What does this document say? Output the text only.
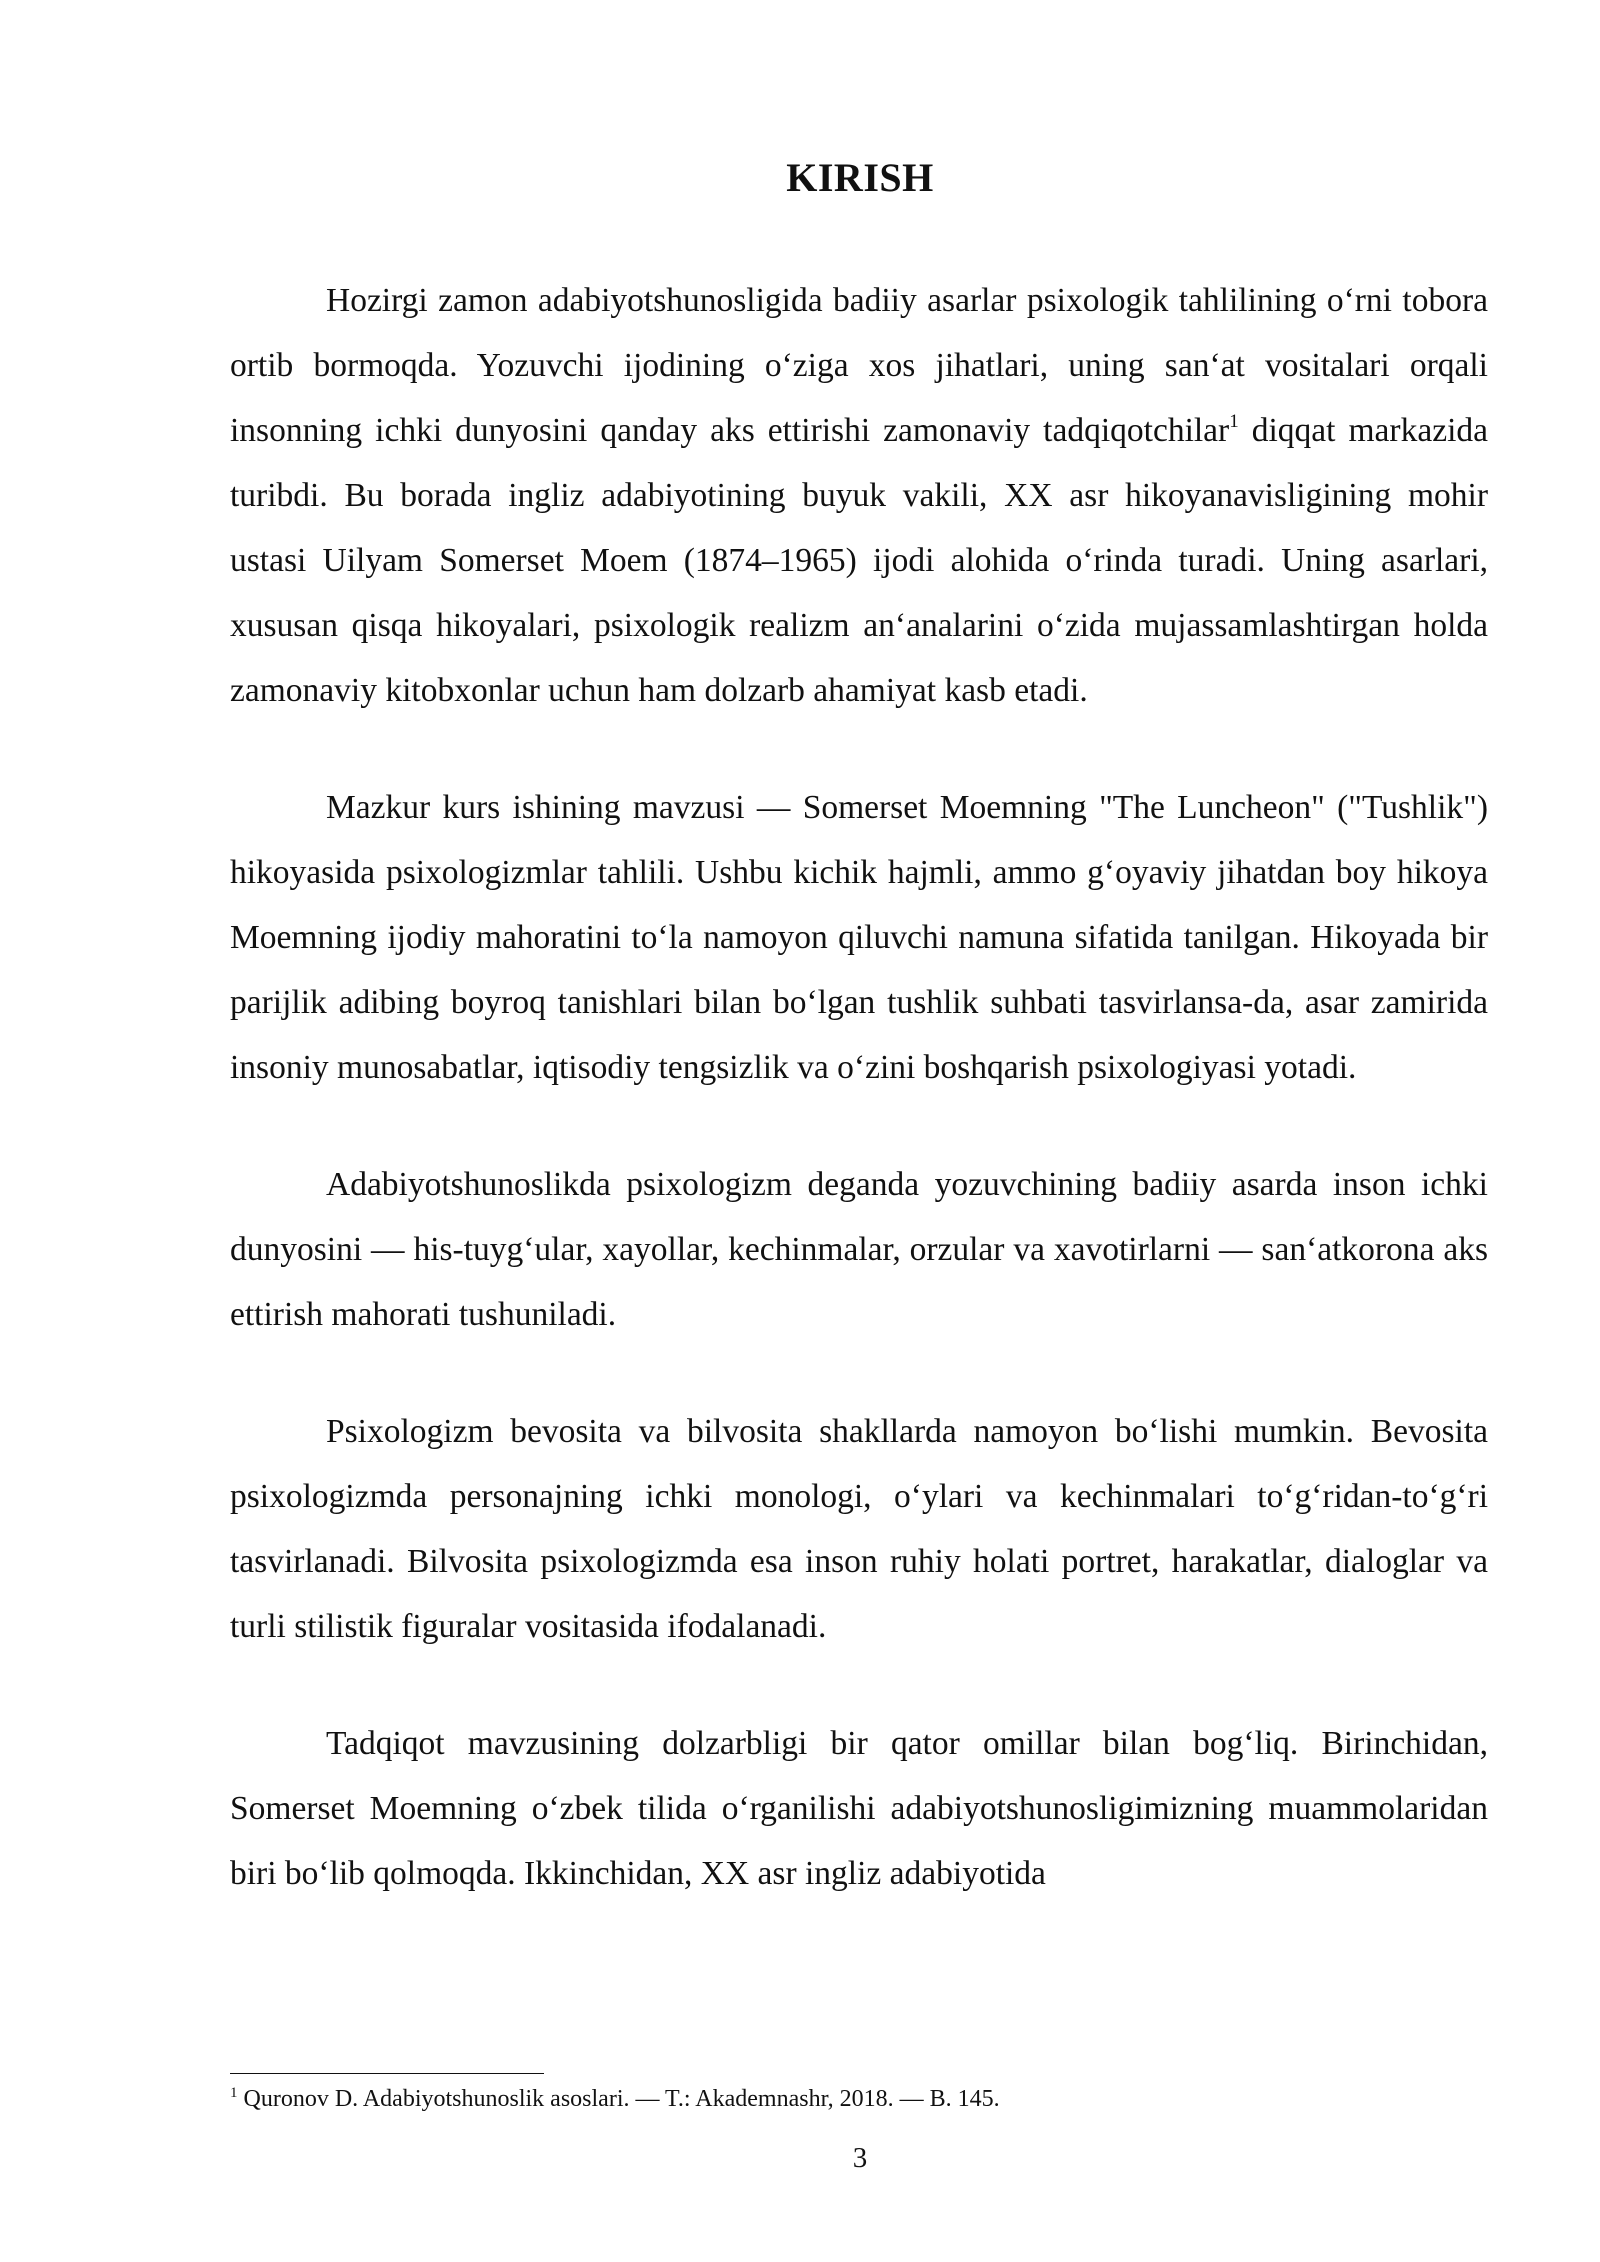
KIRISH

Hozirgi zamon adabiyotshunosligida badiiy asarlar psixologik tahlilining oʻrni tobora ortib bormoqda. Yozuvchi ijodining oʻziga xos jihatlari, uning sanʻat vositalari orqali insonning ichki dunyosini qanday aks ettirishi zamonaviy tadqiqotchilar$^1$ diqqat markazida turibdi. Bu borada ingliz adabiyotining buyuk vakili, XX asr hikoyanavisligining mohir ustasi Uilyam Somerset Moem (1874–1965) ijodi alohida oʻrinda turadi. Uning asarlari, xususan qisqa hikoyalari, psixologik realizm anʻanalarini oʻzida mujassamlashtirgan holda zamonaviy kitobxonlar uchun ham dolzarb ahamiyat kasb etadi.

Mazkur kurs ishining mavzusi — Somerset Moemning "The Luncheon" ("Tushlik") hikoyasida psixologizmlar tahlili. Ushbu kichik hajmli, ammo gʻoyaviy jihatdan boy hikoya Moemning ijodiy mahoratini toʻla namoyon qiluvchi namuna sifatida tanilgan. Hikoyada bir parijlik adibing boyroq tanishlari bilan boʻlgan tushlik suhbati tasvirlansa-da, asar zamirida insoniy munosabatlar, iqtisodiy tengsizlik va oʻzini boshqarish psixologiyasi yotadi.

Adabiyotshunoslikda psixologizm deganda yozuvchining badiiy asarda inson ichki dunyosini — his-tuygʻular, xayollar, kechinmalar, orzular va xavotirlarni — sanʻatkorona aks ettirish mahorati tushuniladi.

Psixologizm bevosita va bilvosita shakllarda namoyon boʻlishi mumkin. Bevosita psixologizmda personajning ichki monologi, oʻylari va kechinmalari toʻgʻridan-toʻgʻri tasvirlanadi. Bilvosita psixologizmda esa inson ruhiy holati portret, harakatlar, dialoglar va turli stilistik figuralar vositasida ifodalanadi.

Tadqiqot mavzusining dolzarbligi bir qator omillar bilan bogʻliq. Birinchidan, Somerset Moemning oʻzbek tilida oʻrganilishi adabiyotshunosligimizning muammolaridan biri boʻlib qolmoqda. Ikkinchidan, XX asr ingliz adabiyotida

$^1$ Quronov D. Adabiyotshunoslik asoslari. — T.: Akademnashr, 2018. — B. 145.
3
